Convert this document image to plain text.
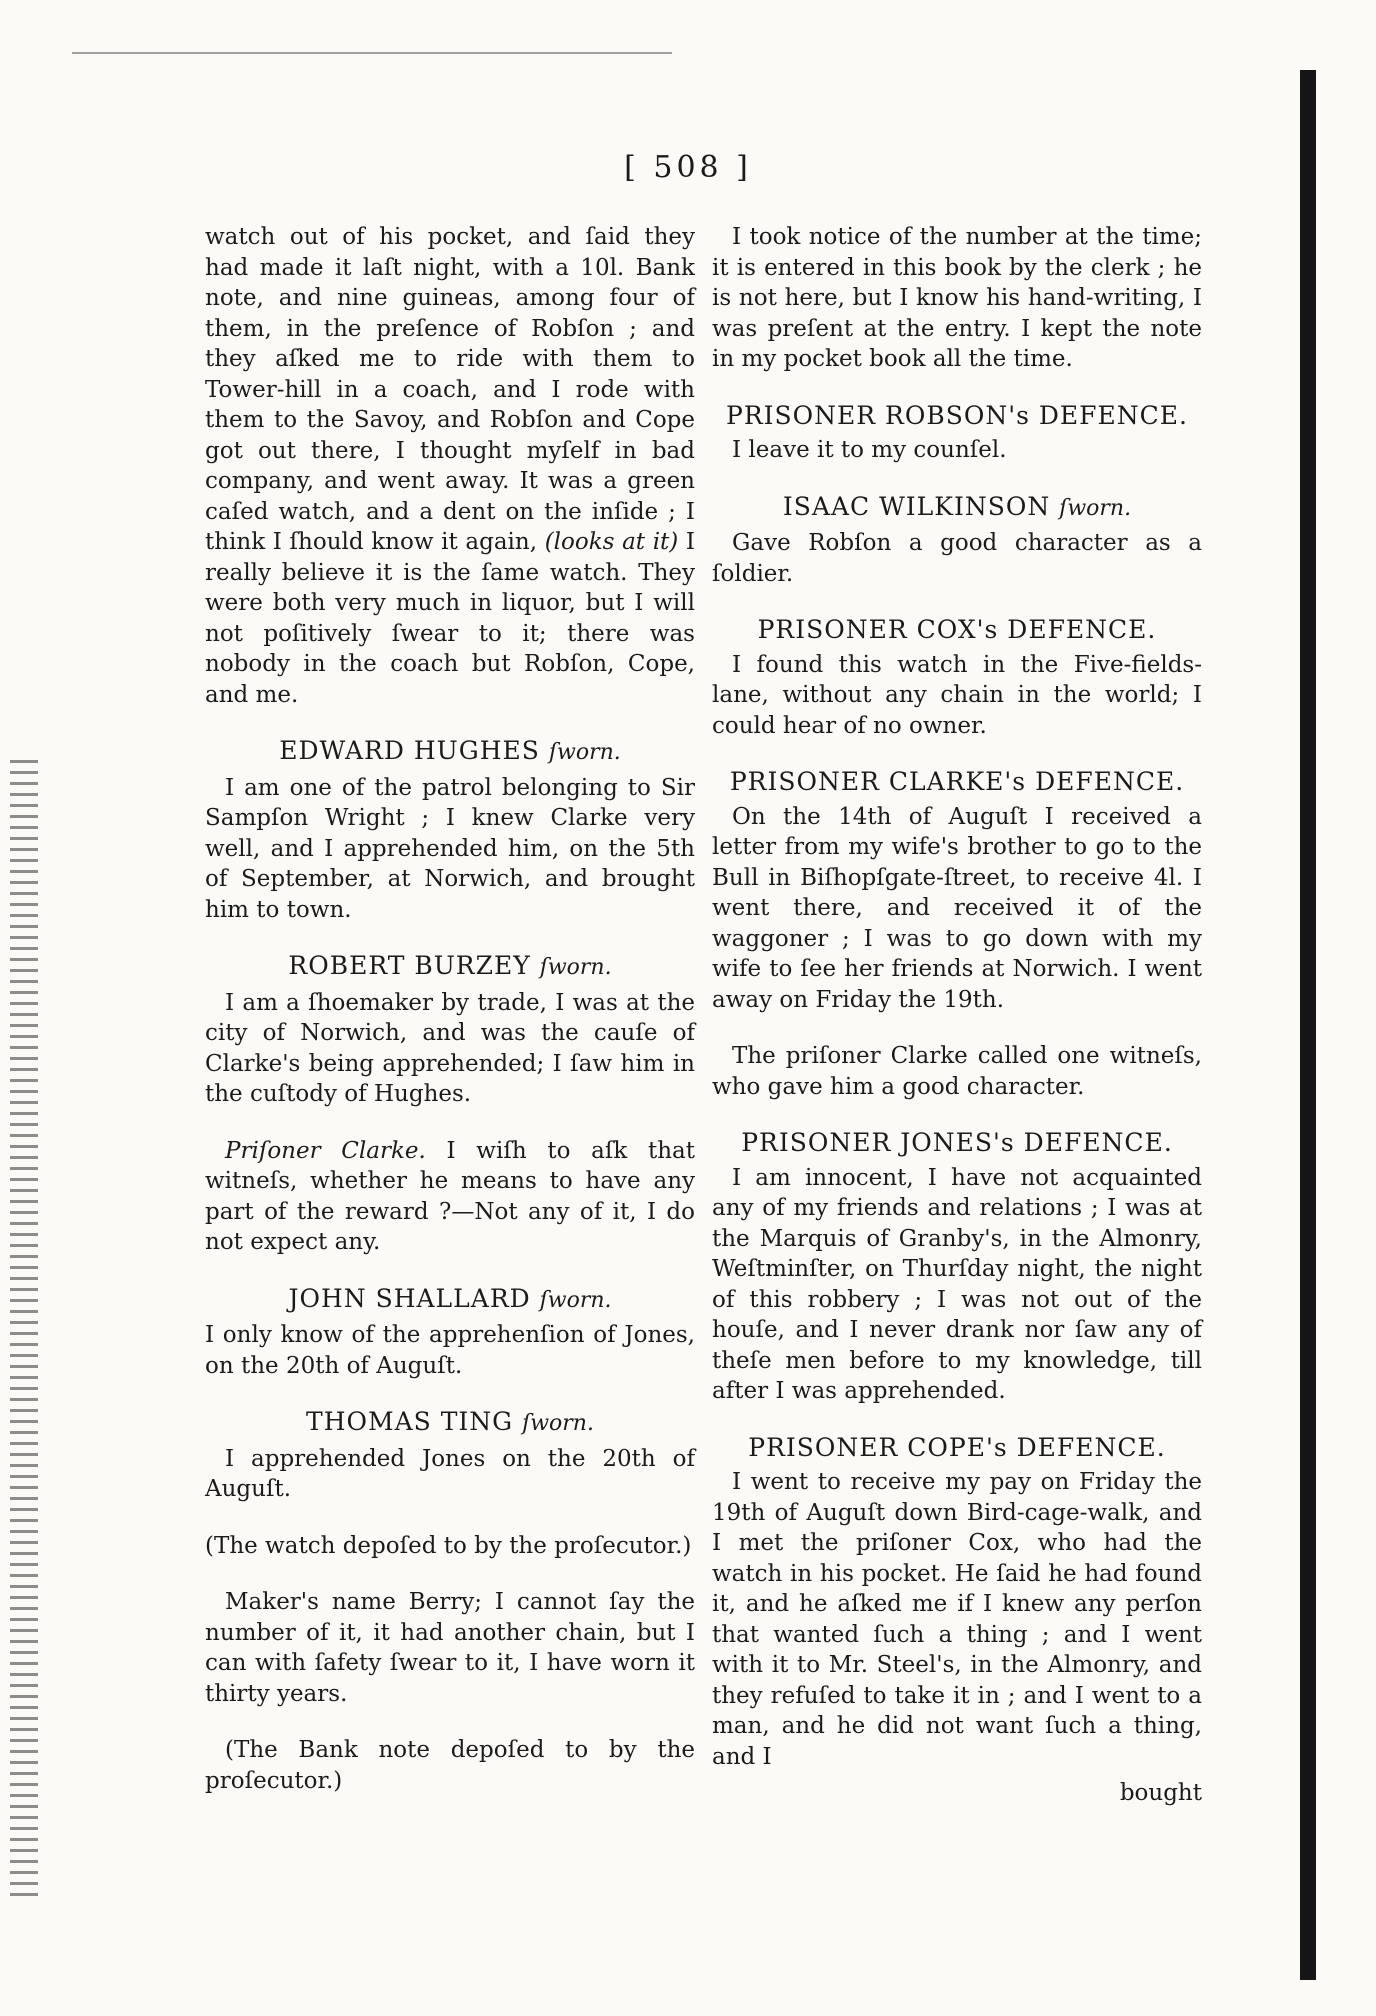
[ 508 ]

watch out of his pocket, and ſaid they had made it laſt night, with a 10l. Bank note, and nine guineas, among four of them, in the preſence of Robſon ; and they aſked me to ride with them to Tower-hill in a coach, and I rode with them to the Savoy, and Robſon and Cope got out there, I thought myſelf in bad company, and went away. It was a green caſed watch, and a dent on the inſide ; I think I ſhould know it again, (looks at it) I really believe it is the ſame watch. They were both very much in liquor, but I will not poſitively ſwear to it; there was nobody in the coach but Robſon, Cope, and me.

EDWARD HUGHES ſworn.

I am one of the patrol belonging to Sir Sampſon Wright ; I knew Clarke very well, and I apprehended him, on the 5th of September, at Norwich, and brought him to town.

ROBERT BURZEY ſworn.

I am a ſhoemaker by trade, I was at the city of Norwich, and was the cauſe of Clarke's being apprehended; I ſaw him in the cuſtody of Hughes.

Priſoner Clarke. I wiſh to aſk that witneſs, whether he means to have any part of the reward ?—Not any of it, I do not expect any.

JOHN SHALLARD ſworn.

I only know of the apprehenſion of Jones, on the 20th of Auguſt.

THOMAS TING ſworn.

I apprehended Jones on the 20th of Auguſt.

(The watch depoſed to by the proſecutor.)

Maker's name Berry; I cannot ſay the number of it, it had another chain, but I can with ſafety ſwear to it, I have worn it thirty years.

(The Bank note depoſed to by the proſecutor.)

I took notice of the number at the time; it is entered in this book by the clerk ; he is not here, but I know his hand-writing, I was preſent at the entry. I kept the note in my pocket book all the time.

PRISONER ROBSON's DEFENCE.

I leave it to my counſel.

ISAAC WILKINSON ſworn.

Gave Robſon a good character as a ſoldier.

PRISONER COX's DEFENCE.

I found this watch in the Five-fields-lane, without any chain in the world; I could hear of no owner.

PRISONER CLARKE's DEFENCE.

On the 14th of Auguſt I received a letter from my wife's brother to go to the Bull in Biſhopſgate-ſtreet, to receive 4l. I went there, and received it of the waggoner ; I was to go down with my wife to ſee her friends at Norwich. I went away on Friday the 19th.

The priſoner Clarke called one witneſs, who gave him a good character.

PRISONER JONES's DEFENCE.

I am innocent, I have not acquainted any of my friends and relations ; I was at the Marquis of Granby's, in the Almonry, Weſtminſter, on Thurſday night, the night of this robbery ; I was not out of the houſe, and I never drank nor ſaw any of theſe men before to my knowledge, till after I was apprehended.

PRISONER COPE's DEFENCE.

I went to receive my pay on Friday the 19th of Auguſt down Bird-cage-walk, and I met the priſoner Cox, who had the watch in his pocket. He ſaid he had found it, and he aſked me if I knew any perſon that wanted ſuch a thing ; and I went with it to Mr. Steel's, in the Almonry, and they refuſed to take it in ; and I went to a man, and he did not want ſuch a thing, and I

bought
